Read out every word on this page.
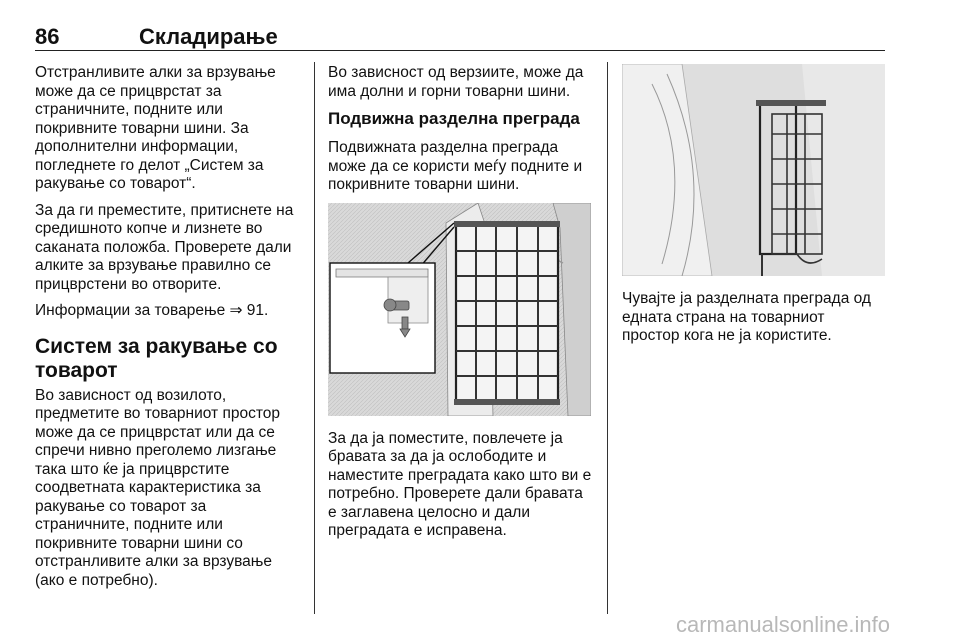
86	Складирање

Отстранливите алки за врзување може да се прицврстат за страничните, подните или покривните товарни шини. За дополнителни информации, погледнете го делот „Систем за ракување со товарот“.

За да ги преместите, притиснете на средишното копче и лизнете во саканата положба. Проверете дали алките за врзување правилно се прицврстени во отворите.

Информации за товарење ⇒ 91.

Систем за ракување со товарот

Во зависност од возилото, предметите во товарниот простор може да се прицврстат или да се спречи нивно преголемо лизгање така што ќе ја прицврстите соодветната карактеристика за ракување со товарот за страничните, подните или покривните товарни шини со отстранливите алки за врзување (ако е потребно).

Во зависност од верзиите, може да има долни и горни товарни шини.

Подвижна разделна преграда

Подвижната разделна преграда може да се користи меѓу подните и покривните товарни шини.

За да ја поместите, повлечете ја бравата за да ја ослободите и наместите преградата како што ви е потребно. Проверете дали бравата е заглавена целосно и дали преградата е исправена.

Чувајте ја разделната преграда од едната страна на товарниот простор кога не ја користите.

carmanualsonline.info
